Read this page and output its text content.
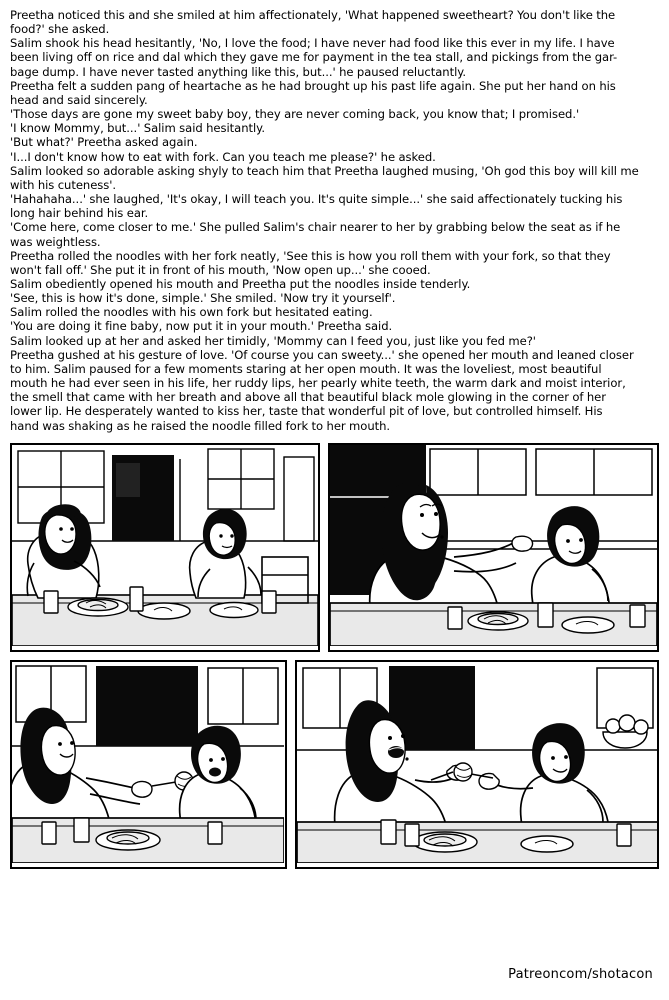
Preetha noticed this and she smiled at him affectionately, 'What happened sweetheart? You don't like the

food?' she asked.

Salim shook his head hesitantly, 'No, I love the food; I have never had food like this ever in my life. I have

been living off on rice and dal which they gave me for payment in the tea stall, and pickings from the gar-

bage dump. I have never tasted anything like this, but...' he paused reluctantly.

Preetha felt a sudden pang of heartache as he had brought up his past life again. She put her hand on his

head and said sincerely.

'Those days are gone my sweet baby boy, they are never coming back, you know that; I promised.'

'I know Mommy, but...' Salim said hesitantly.

'But what?' Preetha asked again.

'I...I don't know how to eat with fork. Can you teach me please?' he asked.

Salim looked so adorable asking shyly to teach him that Preetha laughed musing, 'Oh god this boy will kill me

with his cuteness'.

'Hahahaha...' she laughed, 'It's okay, I will teach you. It's quite simple...' she said affectionately tucking his

long hair behind his ear.

'Come here, come closer to me.' She pulled Salim's chair nearer to her by grabbing below the seat as if he

was weightless.

Preetha rolled the noodles with her fork neatly, 'See this is how you roll them with your fork, so that they

won't fall off.' She put it in front of his mouth, 'Now open up...' she cooed.

Salim obediently opened his mouth and Preetha put the noodles inside tenderly.

'See, this is how it's done, simple.' She smiled. 'Now try it yourself'.

Salim rolled the noodles with his own fork but hesitated eating.

'You are doing it fine baby, now put it in your mouth.' Preetha said.

Salim looked up at her and asked her timidly, 'Mommy can I feed you, just like you fed me?'

Preetha gushed at his gesture of love. 'Of course you can sweety...' she opened her mouth and leaned closer

to him. Salim paused for a few moments staring at her open mouth. It was the loveliest, most beautiful

mouth he had ever seen in his life, her ruddy lips, her pearly white teeth, the warm dark and moist interior,

the smell that came with her breath and above all that beautiful black mole glowing in the corner of her

lower lip. He desperately wanted to kiss her, taste that wonderful pit of love, but controlled himself. His

hand was shaking as he raised the noodle filled fork to her mouth.

Patreoncom/shotacon
